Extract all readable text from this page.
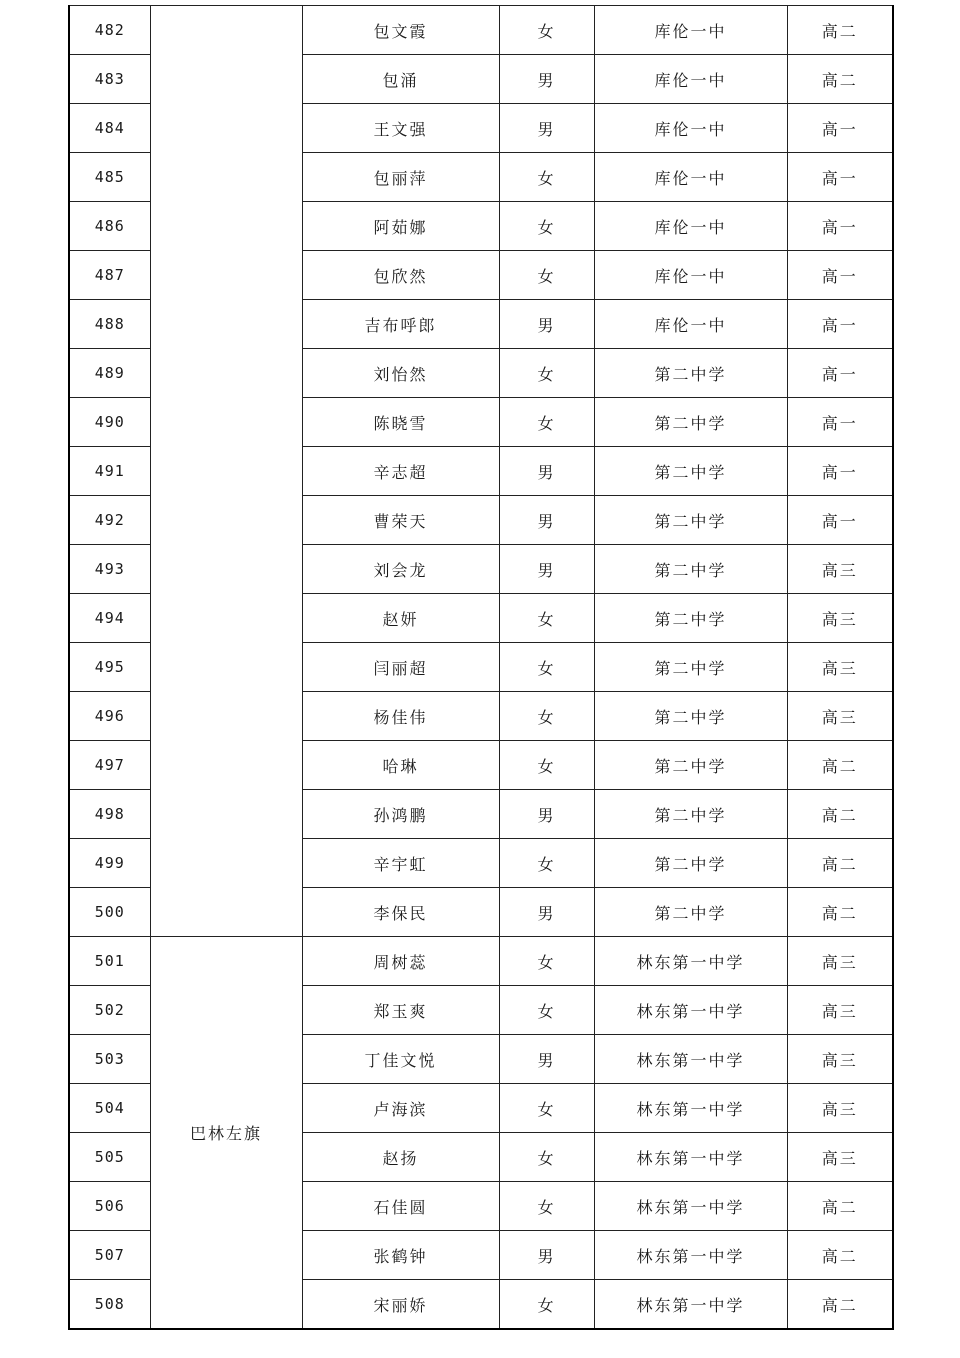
482		包文霞	女	库伦一中	高二
483		包涌	男	库伦一中	高二
484		王文强	男	库伦一中	高一
485		包丽萍	女	库伦一中	高一
486		阿茹娜	女	库伦一中	高一
487		包欣然	女	库伦一中	高一
488		吉布呼郎	男	库伦一中	高一
489		刘怡然	女	第二中学	高一
490		陈晓雪	女	第二中学	高一
491		辛志超	男	第二中学	高一
492		曹荣天	男	第二中学	高一
493		刘会龙	男	第二中学	高三
494		赵妍	女	第二中学	高三
495		闫丽超	女	第二中学	高三
496		杨佳伟	女	第二中学	高三
497		哈琳	女	第二中学	高二
498		孙鸿鹏	男	第二中学	高二
499		辛宇虹	女	第二中学	高二
500		李保民	男	第二中学	高二
501	巴林左旗	周树蕊	女	林东第一中学	高三
502		郑玉爽	女	林东第一中学	高三
503		丁佳文悦	男	林东第一中学	高三
504		卢海滨	女	林东第一中学	高三
505		赵扬	女	林东第一中学	高三
506		石佳圆	女	林东第一中学	高二
507		张鹤钟	男	林东第一中学	高二
508		宋丽娇	女	林东第一中学	高二
